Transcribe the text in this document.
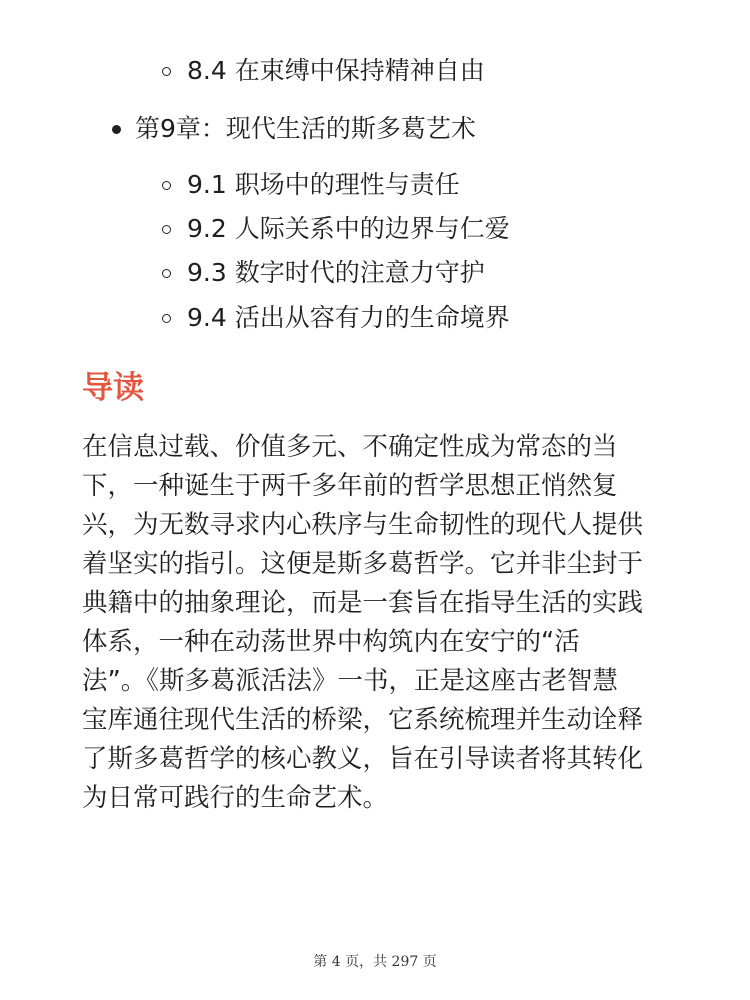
8.4 在束缚中保持精神自由
第9章：现代生活的斯多葛艺术
9.1 职场中的理性与责任
9.2 人际关系中的边界与仁爱
9.3 数字时代的注意力守护
9.4 活出从容有力的生命境界
导读

在信息过载、价值多元、不确定性成为常态的当
下，一种诞生于两千多年前的哲学思想正悄然复
兴，为无数寻求内心秩序与生命韧性的现代人提供
着坚实的指引。这便是斯多葛哲学。它并非尘封于
典籍中的抽象理论，而是一套旨在指导生活的实践
体系，一种在动荡世界中构筑内在安宁的“活
法”。《斯多葛派活法》一书，正是这座古老智慧
宝库通往现代生活的桥梁，它系统梳理并生动诠释
了斯多葛哲学的核心教义，旨在引导读者将其转化
为日常可践行的生命艺术。

第 4 页，共 297 页
